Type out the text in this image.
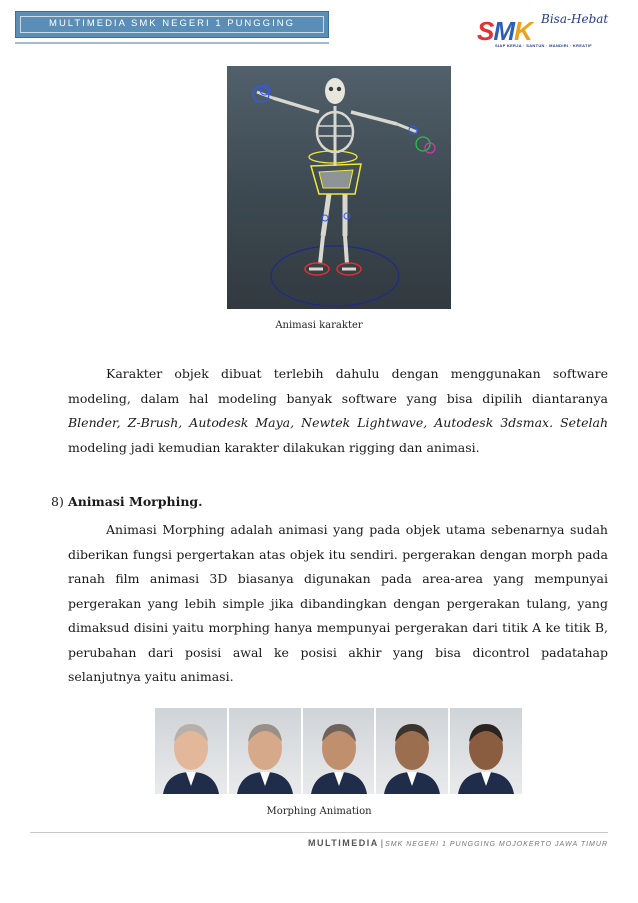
MULTIMEDIA SMK NEGERI 1 PUNGGING	SMK Bisa-Hebat
SIAP KERJA · SANTUN · MANDIRI · KREATIF
Animasi karakter
Karakter objek dibuat terlebih dahulu dengan menggunakan software
modeling, dalam hal modeling banyak software yang bisa dipilih diantaranya
Blender, Z-Brush, Autodesk Maya, Newtek Lightwave, Autodesk 3dsmax. Setelah
modeling jadi kemudian karakter dilakukan rigging dan animasi.
8) Animasi Morphing.
Animasi Morphing adalah animasi yang pada objek utama sebenarnya sudah
diberikan fungsi pergertakan atas objek itu sendiri. pergerakan dengan morph pada
ranah film animasi 3D biasanya digunakan pada area-area yang mempunyai
pergerakan yang lebih simple jika dibandingkan dengan pergerakan tulang, yang
dimaksud disini yaitu morphing hanya mempunyai pergerakan dari titik A ke titik B,
perubahan dari posisi awal ke posisi akhir yang bisa dicontrol padatahap
selanjutnya yaitu animasi.
Morphing Animation
MULTIMEDIA | SMK NEGERI 1 PUNGGING MOJOKERTO JAWA TIMUR
